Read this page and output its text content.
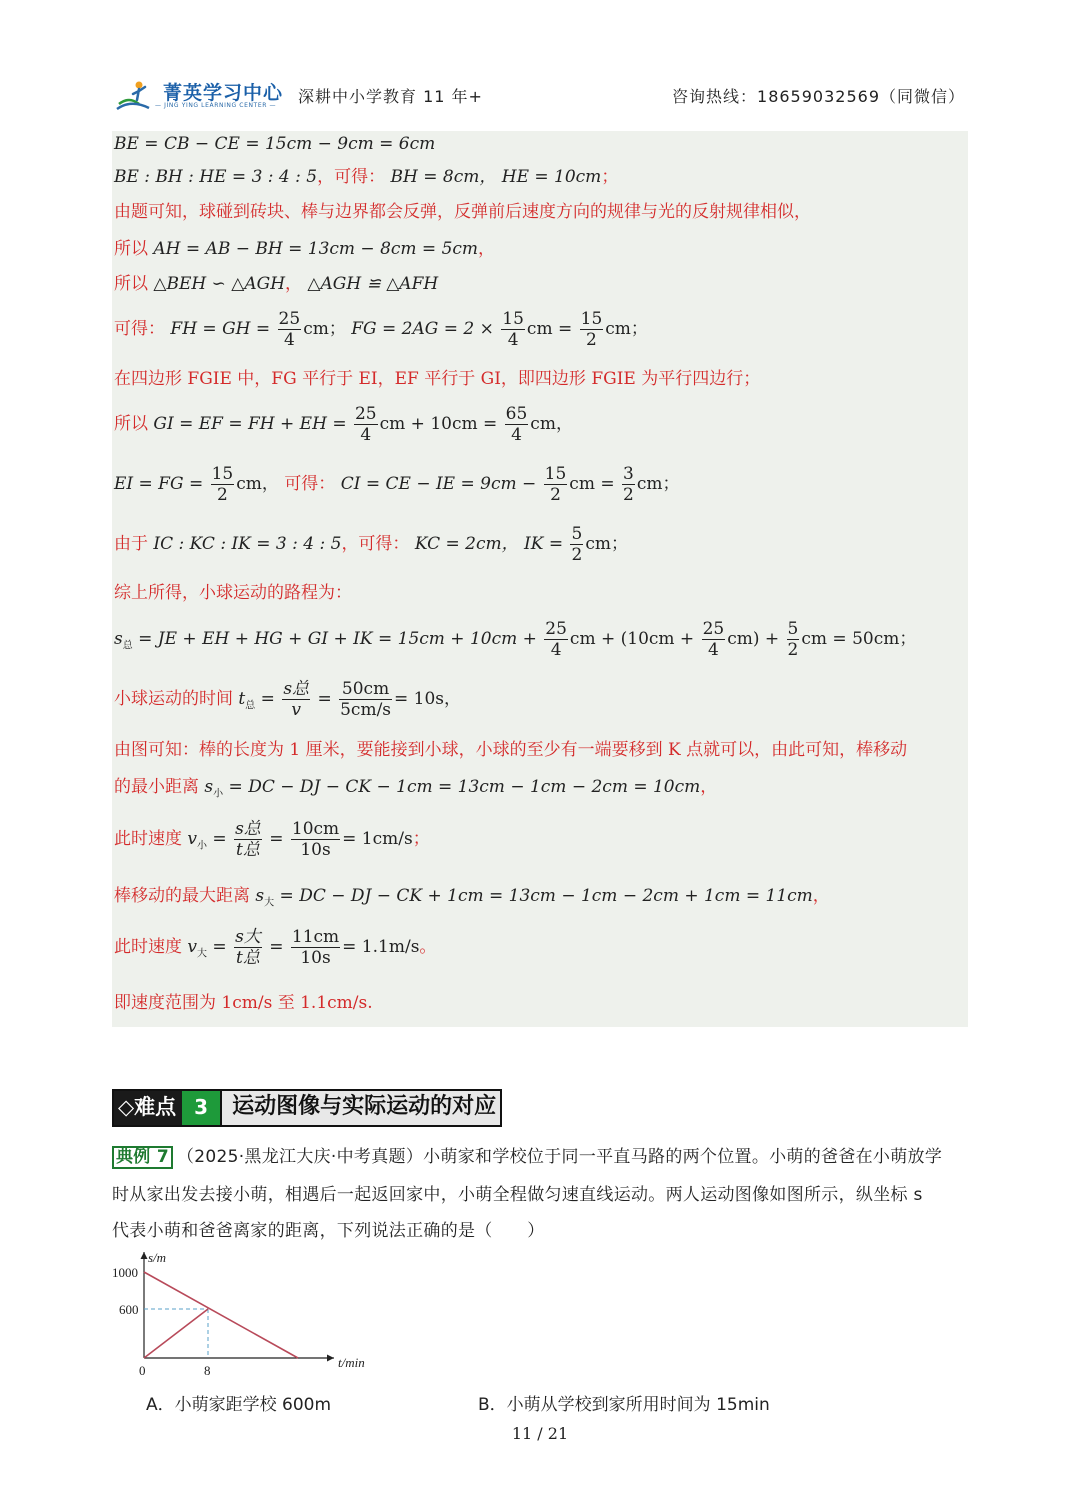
菁英学习中心
— JING YING LEARNING CENTER — 深耕中小学教育 11 年+	咨询热线：18659032569（同微信）
BE = CB − CE = 15cm − 9cm = 6cm
BE : BH : HE = 3 : 4 : 5，可得： BH = 8cm， HE = 10cm；
由题可知，球碰到砖块、棒与边界都会反弹，反弹前后速度方向的规律与光的反射规律相似，
所以 AH = AB − BH = 13cm − 8cm = 5cm，
所以 △BEH ∽ △AGH， △AGH ≌ △AFH
可得： FH = GH = $\frac{25}{4}$ cm； FG = $2AG = 2 \times \frac{15}{4}$ cm = $\frac{15}{2}$ cm；
在四边形 FGIE 中，FG 平行于 EI，EF 平行于 GI，即四边形 FGIE 为平行四边行；
所以 GI = EF = FH + EH = $\frac{25}{4}$ cm + $10cm = \frac{65}{4}$ cm，
EI = FG = $\frac{15}{2}$ cm， 可得： CI = CE − IE = $9cm - \frac{15}{2}$ cm = $\frac{3}{2}$ cm；
由于 IC : KC : IK = 3 : 4 : 5，可得： KC = 2cm， IK = $\frac{5}{2}$ cm；
综上所得，小球运动的路程为：
$s_总$ = JE + EH + HG + GI + IK = $15cm + 10cm + \frac{25}{4}$ cm + $(10cm + \frac{25}{4} cm) + \frac{5}{2}$ cm = 50cm；
小球运动的时间 $t_总 = \frac{\text{s总}}{v} = \frac{50cm}{5cm/s} = 10s$，
由图可知：棒的长度为 1 厘米，要能接到小球，小球的至少有一端要移到 K 点就可以，由此可知，棒移动
的最小距离 $s_小$ = DC − DJ − CK − 1cm = 13cm − 1cm − 2cm = 10cm，
此时速度 $v_小 = \frac{\text{s总}}{\text{t总}} = \frac{10cm}{10s} = 1cm/s$；
棒移动的最大距离 $s_大$ = DC − DJ − CK + 1cm = 13cm − 1cm − 2cm + 1cm = 11cm，
此时速度 $v_大 = \frac{\text{s大}}{\text{t总}} = \frac{11cm}{10s} = 1.1m/s$。
即速度范围为 1cm/s 至 1.1cm/s.
◇难点 3	运动图像与实际运动的对应
典例 7 （2025·黑龙江大庆·中考真题）小萌家和学校位于同一平直马路的两个位置。小萌的爸爸在小萌放学
时从家出发去接小萌，相遇后一起返回家中，小萌全程做匀速直线运动。两人运动图像如图所示，纵坐标 s
代表小萌和爸爸离家的距离，下列说法正确的是（　　）
s/m
t/min
1000
600
0	8
A．小萌家距学校 600m	B．小萌从学校到家所用时间为 15min
11 / 21
